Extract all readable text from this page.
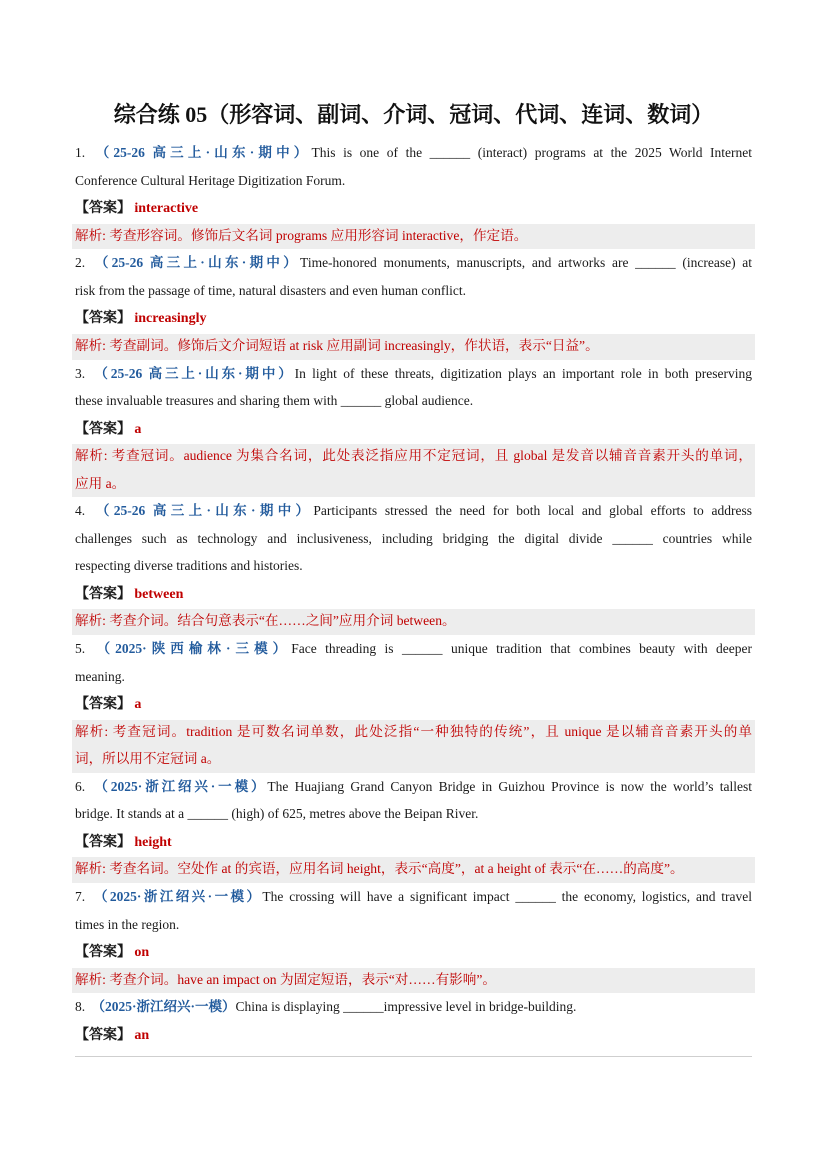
综合练 05（形容词、副词、介词、冠词、代词、连词、数词）
1. （25-26 高三上·山东·期中）This is one of the ______ (interact) programs at the 2025 World Internet
Conference Cultural Heritage Digitization Forum.
【答案】 interactive
解析: 考查形容词。修饰后文名词 programs 应用形容词 interactive，作定语。
2. （25-26 高三上·山东·期中）Time-honored monuments, manuscripts, and artworks are ______ (increase) at
risk from the passage of time, natural disasters and even human conflict.
【答案】 increasingly
解析: 考查副词。修饰后文介词短语 at risk 应用副词 increasingly，作状语，表示“日益”。
3. （25-26 高三上·山东·期中）In light of these threats, digitization plays an important role in both preserving
these invaluable treasures and sharing them with ______ global audience.
【答案】 a
解析: 考查冠词。audience 为集合名词，此处表泛指应用不定冠词，且 global 是发音以辅音音素开头的单词，
应用 a。
4. （25-26 高三上·山东·期中）Participants stressed the need for both local and global efforts to address
challenges such as technology and inclusiveness, including bridging the digital divide ______ countries while
respecting diverse traditions and histories.
【答案】 between
解析: 考查介词。结合句意表示“在……之间”应用介词 between。
5. （2025·陕西榆林·三模）Face threading is ______ unique tradition that combines beauty with deeper
meaning.
【答案】 a
解析: 考查冠词。tradition 是可数名词单数，此处泛指“一种独特的传统”，且 unique 是以辅音音素开头的单
词，所以用不定冠词 a。
6. （2025·浙江绍兴·一模）The Huajiang Grand Canyon Bridge in Guizhou Province is now the world’s tallest
bridge. It stands at a ______ (high) of 625, metres above the Beipan River.
【答案】 height
解析: 考查名词。空处作 at 的宾语，应用名词 height，表示“高度”，at a height of 表示“在……的高度”。
7. （2025·浙江绍兴·一模）The crossing will have a significant impact ______ the economy, logistics, and travel
times in the region.
【答案】 on
解析: 考查介词。have an impact on 为固定短语，表示“对……有影响”。
8. （2025·浙江绍兴·一模）China is displaying ______impressive level in bridge-building.
【答案】 an
